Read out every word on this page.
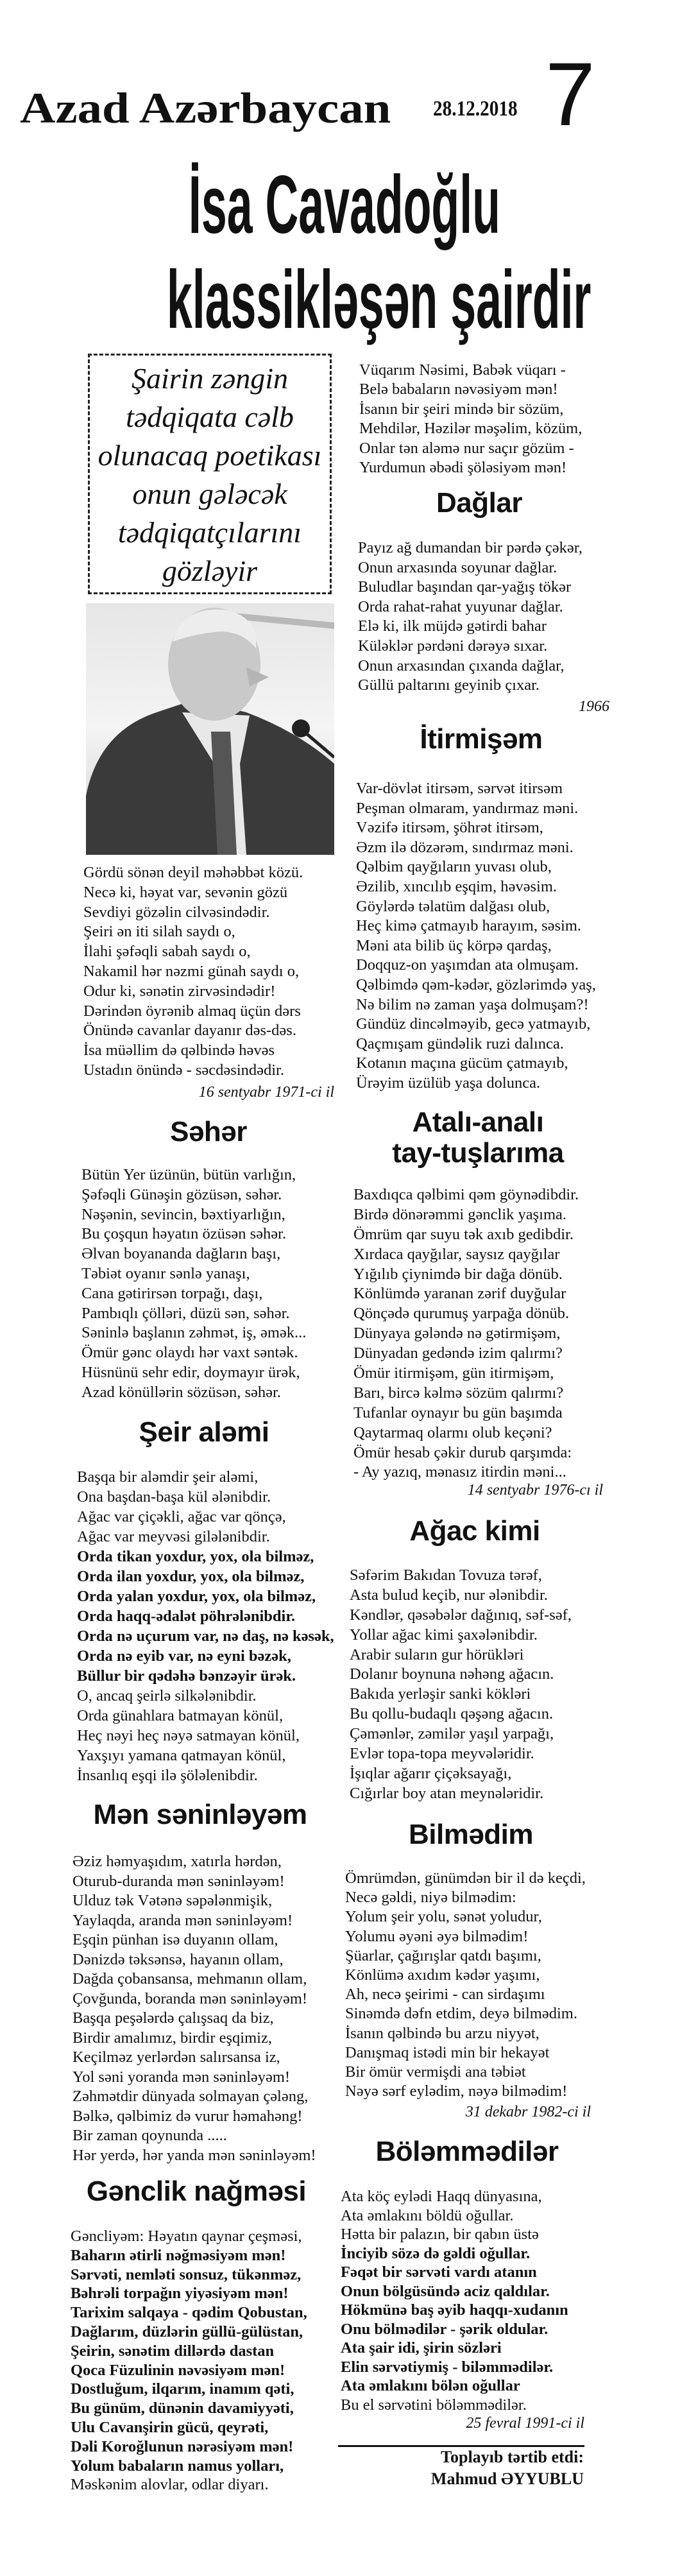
Azad Azərbaycan 28.12.2018 7
İsa Cavadoğlu
klassikləşən şairdir
Şairin zəngin
tədqiqata cəlb
olunacaq poetikası
onun gələcək
tədqiqatçılarını
gözləyir
Gördü sönən deyil məhəbbət közü.
Necə ki, həyat var, sevənin gözü
Sevdiyi gözəlin cilvəsindədir.
Şeiri ən iti silah saydı o,
İlahi şəfəqli sabah saydı o,
Nakamil hər nəzmi günah saydı o,
Odur ki, sənətin zirvəsindədir!
Dərindən öyrənib almaq üçün dərs
Önündə cavanlar dayanır dəs-dəs.
İsa müəllim də qəlbində həvəs
Ustadın önündə - səcdəsindədir.
16 sentyabr 1971-ci il
Səhər
Bütün Yer üzünün, bütün varlığın,
Şəfəqli Günəşin gözüsən, səhər.
Nəşənin, sevincin, bəxtiyarlığın,
Bu çoşqun həyatın özüsən səhər.
Əlvan boyananda dağların başı,
Təbiət oyanır sənlə yanaşı,
Cana gətirirsən torpağı, daşı,
Pambıqlı çölləri, düzü sən, səhər.
Səninlə başlanın zəhmət, iş, əmək...
Ömür gənc olaydı hər vaxt səntək.
Hüsnünü sehr edir, doymayır ürək,
Azad könüllərin sözüsən, səhər.
Şeir aləmi
Başqa bir aləmdir şeir aləmi,
Ona başdan-başa kül ələnibdir.
Ağac var çiçəkli, ağac var qönçə,
Ağac var meyvəsi gilələnibdir.
Orda tikan yoxdur, yox, ola bilməz,
Orda ilan yoxdur, yox, ola bilməz,
Orda yalan yoxdur, yox, ola bilməz,
Orda haqq-ədalət pöhrələnibdir.
Orda nə uçurum var, nə daş, nə kəsək,
Orda nə eyib var, nə eyni bəzək,
Büllur bir qədəhə bənzəyir ürək.
O, ancaq şeirlə silkələnibdir.
Orda günahlara batmayan könül,
Heç nəyi heç nəyə satmayan könül,
Yaxşıyı yamana qatmayan könül,
İnsanlıq eşqi ilə şöləlenibdir.
Mən səninləyəm
Əziz həmyaşıdım, xatırla hərdən,
Oturub-duranda mən səninləyəm!
Ulduz tək Vətənə səpələnmişik,
Yaylaqda, aranda mən səninləyəm!
Eşqin pünhan isə duyanın ollam,
Dənizdə təksənsə, hayanın ollam,
Dağda çobansansa, mehmanın ollam,
Çovğunda, boranda mən səninləyəm!
Başqa peşələrdə çalışsaq da biz,
Birdir amalımız, birdir eşqimiz,
Keçilməz yerlərdən salırsansa iz,
Yol səni yoranda mən səninləyəm!
Zəhmətdir dünyada solmayan çələng,
Bəlkə, qəlbimiz də vurur həmahəng!
Bir zaman qoynunda .....
Hər yerdə, hər yanda mən səninləyəm!
Gənclik nağməsi
Gəncliyəm: Həyatın qaynar çeşməsi,
Baharın ətirli nəğməsiyəm mən!
Sərvəti, nemləti sonsuz, tükənməz,
Bəhrəli torpağın yiyəsiyəm mən!
Tarixim salqaya - qədim Qobustan,
Dağlarım, düzlərin güllü-gülüstan,
Şeirin, sənətim dillərdə dastan
Qoca Füzulinin nəvəsiyəm mən!
Dostluğum, ilqarım, inamım qəti,
Bu günüm, dünənin davamiyyəti,
Ulu Cavanşirin gücü, qeyrəti,
Dəli Koroğlunun nərəsiyəm mən!
Yolum babaların namus yolları,
Məskənim alovlar, odlar diyarı.
Vüqarım Nəsimi, Babək vüqarı -
Belə babaların nəvəsiyəm mən!
İsanın bir şeiri mində bir sözüm,
Mehdilər, Həzilər məşəlim, közüm,
Onlar tən aləmə nur saçır gözüm -
Yurdumun əbədi şöləsiyəm mən!
Dağlar
Payız ağ dumandan bir pərdə çəkər,
Onun arxasında soyunar dağlar.
Buludlar başından qar-yağış tökər
Orda rahat-rahat yuyunar dağlar.
Elə ki, ilk müjdə gətirdi bahar
Küləklər pərdəni dərəyə sıxar.
Onun arxasından çıxanda dağlar,
Güllü paltarını geyinib çıxar.
1966
İtirmişəm
Var-dövlət itirsəm, sərvət itirsəm
Peşman olmaram, yandırmaz məni.
Vəzifə itirsəm, şöhrət itirsəm,
Əzm ilə dözərəm, sındırmaz məni.
Qəlbim qayğıların yuvası olub,
Əzilib, xıncılıb eşqim, həvəsim.
Göylərdə təlatüm dalğası olub,
Heç kimə çatmayıb harayım, səsim.
Məni ata bilib üç körpə qardaş,
Doqquz-on yaşımdan ata olmuşam.
Qəlbimdə qəm-kədər, gözlərimdə yaş,
Nə bilim nə zaman yaşa dolmuşam?!
Gündüz dincəlməyib, gecə yatmayıb,
Qaçmışam gündəlik ruzi dalınca.
Kotanın maçına gücüm çatmayıb,
Ürəyim üzülüb yaşa dolunca.
Atalı-analı
tay-tuşlarıma
Baxdıqca qəlbimi qəm göynədibdir.
Birdə dönərəmmi gənclik yaşıma.
Ömrüm qar suyu tək axıb gedibdir.
Xırdaca qayğılar, saysız qayğılar
Yığılıb çiynimdə bir dağa dönüb.
Könlümdə yaranan zərif duyğular
Qönçədə qurumuş yarpağa dönüb.
Dünyaya gələndə nə gətirmişəm,
Dünyadan gedəndə izim qalırmı?
Ömür itirmişəm, gün itirmişəm,
Barı, bircə kəlmə sözüm qalırmı?
Tufanlar oynayır bu gün başımda
Qaytarmaq olarmı olub keçəni?
Ömür hesab çəkir durub qarşımda:
- Ay yazıq, mənasız itirdin məni...
14 sentyabr 1976-cı il
Ağac kimi
Səfərim Bakıdan Tovuza tərəf,
Asta bulud keçib, nur ələnibdir.
Kəndlər, qəsəbələr dağınıq, səf-səf,
Yollar ağac kimi şaxələnibdir.
Arabir suların gur hörükləri
Dolanır boynuna nəhəng ağacın.
Bakıda yerləşir sanki kökləri
Bu qollu-budaqlı qəşəng ağacın.
Çəmənlər, zəmilər yaşıl yarpağı,
Evlər topa-topa meyvələridir.
İşıqlar ağarır çiçəksayağı,
Cığırlar boy atan meynələridir.
Bilmədim
Ömrümdən, günümdən bir il də keçdi,
Necə gəldi, niyə bilmədim:
Yolum şeir yolu, sənət yoludur,
Yolumu əyəni əyə bilmədim!
Şüarlar, çağırışlar qatdı başımı,
Könlümə axıdım kədər yaşımı,
Ah, necə şeirimi - can sirdaşımı
Sinəmdə dəfn etdim, deyə bilmədim.
İsanın qəlbində bu arzu niyyət,
Danışmaq istədi min bir hekayət
Bir ömür vermişdi ana təbiət
Nəyə sərf eylədim, nəyə bilmədim!
31 dekabr 1982-ci il
Böləmmədilər
Ata köç eylədi Haqq dünyasına,
Ata əmlakını böldü oğullar.
Hətta bir palazın, bir qabın üstə
İnciyib sözə də gəldi oğullar.
Fəqət bir sərvəti vardı atanın
Onun bölgüsündə aciz qaldılar.
Hökmünə baş əyib haqqı-xudanın
Onu bölmədilər - şərik oldular.
Ata şair idi, şirin sözləri
Elin sərvətiymiş - biləmmədilər.
Ata əmlakını bölən oğullar
Bu el sərvətini böləmmədilər.
25 fevral 1991-ci il
Toplayıb tərtib etdi:
Mahmud ƏYYUBLU
